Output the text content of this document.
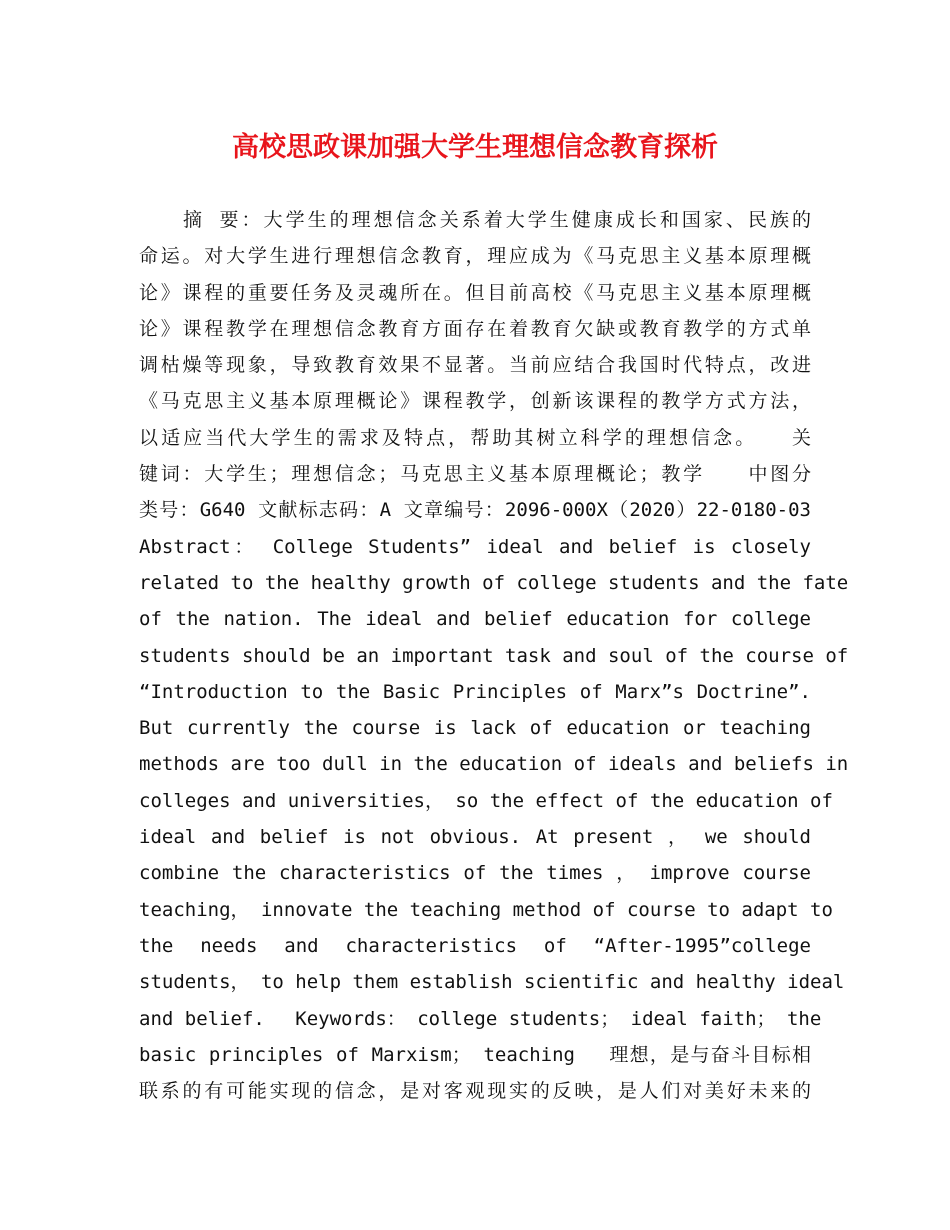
高校思政课加强大学生理想信念教育探析
　　摘 要：大学生的理想信念关系着大学生健康成长和国家、民族的
命运。对大学生进行理想信念教育，理应成为《马克思主义基本原理概
论》课程的重要任务及灵魂所在。但目前高校《马克思主义基本原理概
论》课程教学在理想信念教育方面存在着教育欠缺或教育教学的方式单
调枯燥等现象，导致教育效果不显著。当前应结合我国时代特点，改进
《马克思主义基本原理概论》课程教学，创新该课程的教学方式方法，
以适应当代大学生的需求及特点，帮助其树立科学的理想信念。　　关
键词：大学生；理想信念；马克思主义基本原理概论；教学　　中图分
类号：G640 文献标志码：A 文章编号：2096-000X（2020）22-0180-03
Abstract： College Students” ideal and belief is closely
related to the healthy growth of college students and the fate
of the nation. The ideal and belief education for college
students should be an important task and soul of the course of
“Introduction to the Basic Principles of Marx”s Doctrine”.
But currently the course is lack of education or teaching
methods are too dull in the education of ideals and beliefs in
colleges and universities， so the effect of the education of
ideal and belief is not obvious. At present ， we should
combine the characteristics of the times ， improve course
teaching， innovate the teaching method of course to adapt to
the needs and characteristics of “After-1995”college
students， to help them establish scientific and healthy ideal
and belief.　 Keywords： college students； ideal faith； the
basic principles of Marxism； teaching　 理想，是与奋斗目标相
联系的有可能实现的信念，是对客观现实的反映，是人们对美好未来的
